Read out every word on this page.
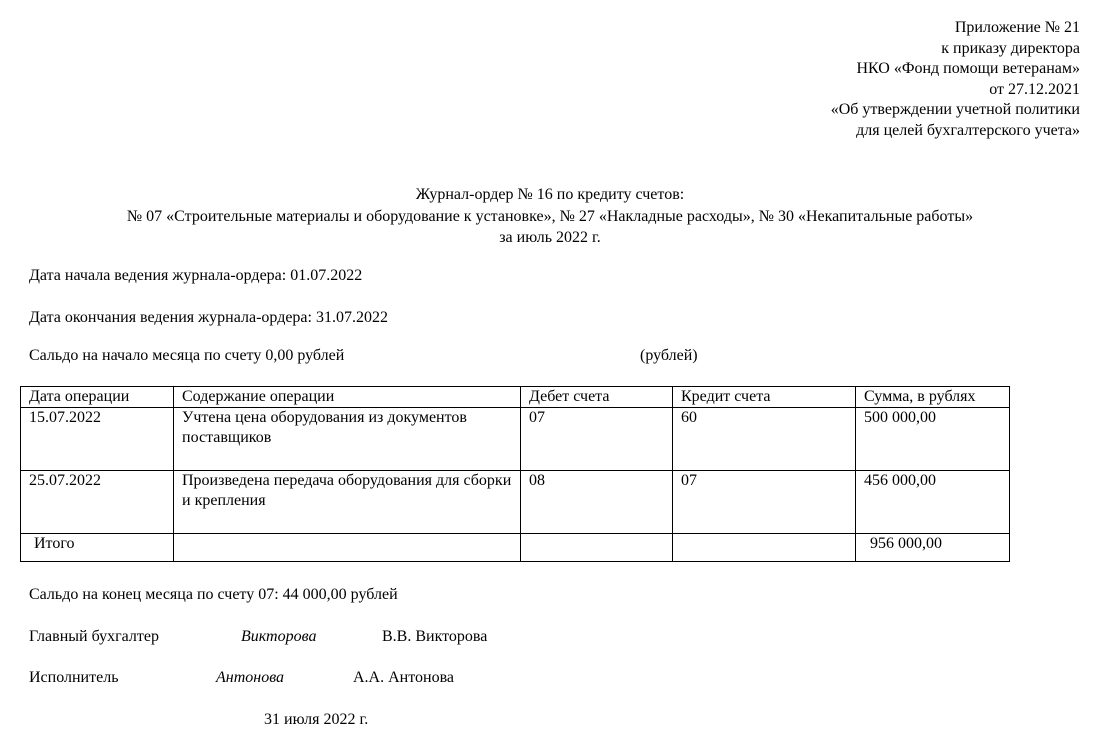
Приложение № 21
к приказу директора
НКО «Фонд помощи ветеранам»
от 27.12.2021
«Об утверждении учетной политики
для целей бухгалтерского учета»
Журнал-ордер № 16 по кредиту счетов:
№ 07 «Строительные материалы и оборудование к установке», № 27 «Накладные расходы», № 30 «Некапитальные работы»
за июль 2022 г.
Дата начала ведения журнала-ордера: 01.07.2022
Дата окончания ведения журнала-ордера: 31.07.2022
Сальдо на начало месяца по счету 0,00 рублей	(рублей)
Дата операции	Содержание операции	Дебет счета	Кредит счета	Сумма, в рублях
15.07.2022	Учтена цена оборудования из документов поставщиков	07	60	500 000,00
25.07.2022	Произведена передача оборудования для сборки и крепления	08	07	456 000,00
Итого				956 000,00
Сальдо на конец месяца по счету 07: 44 000,00 рублей
Главный бухгалтер	Викторова	В.В. Викторова
Исполнитель	Антонова	А.А. Антонова
31 июля 2022 г.
